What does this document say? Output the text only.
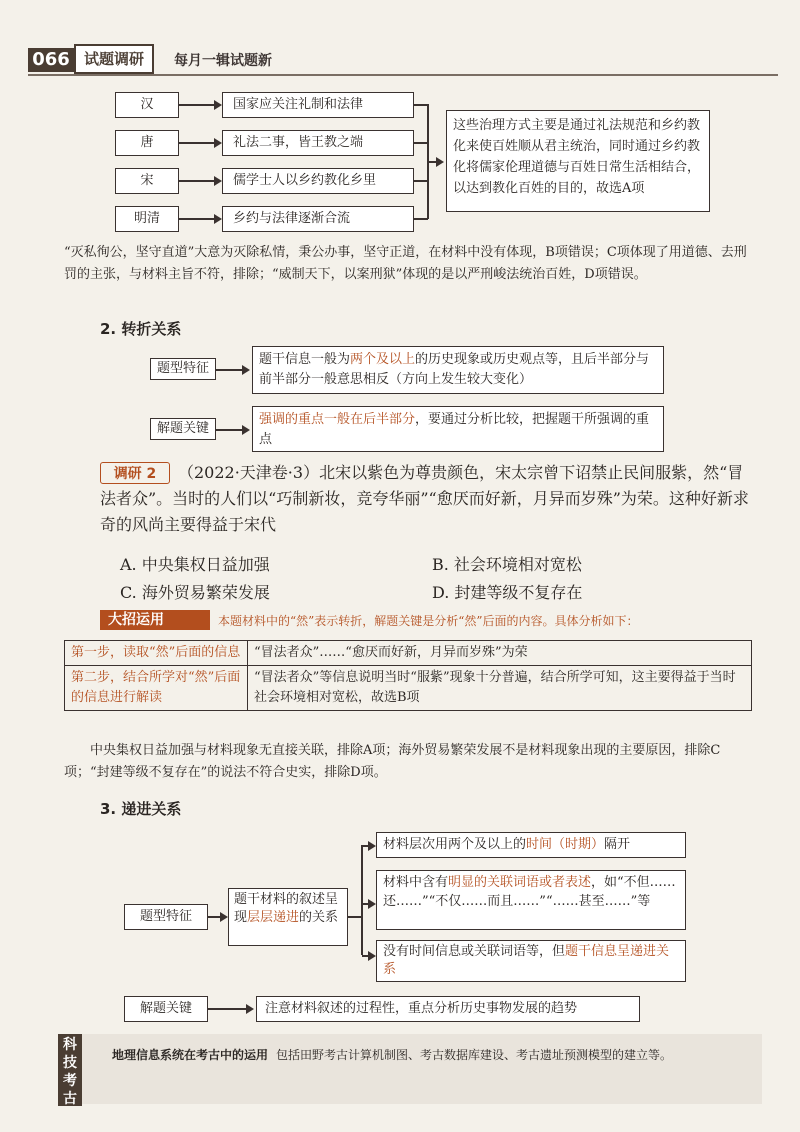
066 试题调研	每月一辑试题新
汉	国家应关注礼制和法律
唐	礼法二事，皆王教之端
宋	儒学士人以乡约教化乡里
明清	乡约与法律逐渐合流
这些治理方式主要是通过礼法规范和乡约教化来使百姓顺从君主统治，同时通过乡约教化将儒家伦理道德与百姓日常生活相结合，以达到教化百姓的目的，故选A项
“灭私徇公，坚守直道”大意为灭除私情，秉公办事，坚守正道，在材料中没有体现，B项错误；C项体现了用道德、去刑罚的主张，与材料主旨不符，排除；“威制天下，以案刑狱”体现的是以严刑峻法统治百姓，D项错误。
2. 转折关系
题型特征
题干信息一般为两个及以上的历史现象或历史观点等，且后半部分与前半部分一般意思相反（方向上发生较大变化）
解题关键
强调的重点一般在后半部分，要通过分析比较，把握题干所强调的重点
调研 2	（2022·天津卷·3）北宋以紫色为尊贵颜色，宋太宗曾下诏禁止民间服紫，然“冒法者众”。当时的人们以“巧制新妆，竞夸华丽”“愈厌而好新，月异而岁殊”为荣。这种好新求奇的风尚主要得益于宋代
A. 中央集权日益加强	B. 社会环境相对宽松
C. 海外贸易繁荣发展	D. 封建等级不复存在
大招运用	本题材料中的“然”表示转折，解题关键是分析“然”后面的内容。具体分析如下：
第一步，读取“然”后面的信息	“冒法者众”……“愈厌而好新，月异而岁殊”为荣
第二步，结合所学对“然”后面的信息进行解读	“冒法者众”等信息说明当时“服紫”现象十分普遍，结合所学可知，这主要得益于当时社会环境相对宽松，故选B项
中央集权日益加强与材料现象无直接关联，排除A项；海外贸易繁荣发展不是材料现象出现的主要原因，排除C项；“封建等级不复存在”的说法不符合史实，排除D项。
3. 递进关系
题型特征
题干材料的叙述呈现层层递进的关系
材料层次用两个及以上的时间（时期）隔开
材料中含有明显的关联词语或者表述，如“不但……还……”“不仅……而且……”“……甚至……”等
没有时间信息或关联词语等，但题干信息呈递进关系
解题关键	注意材料叙述的过程性，重点分析历史事物发展的趋势
科技考古
地理信息系统在考古中的运用 包括田野考古计算机制图、考古数据库建设、考古遗址预测模型的建立等。
